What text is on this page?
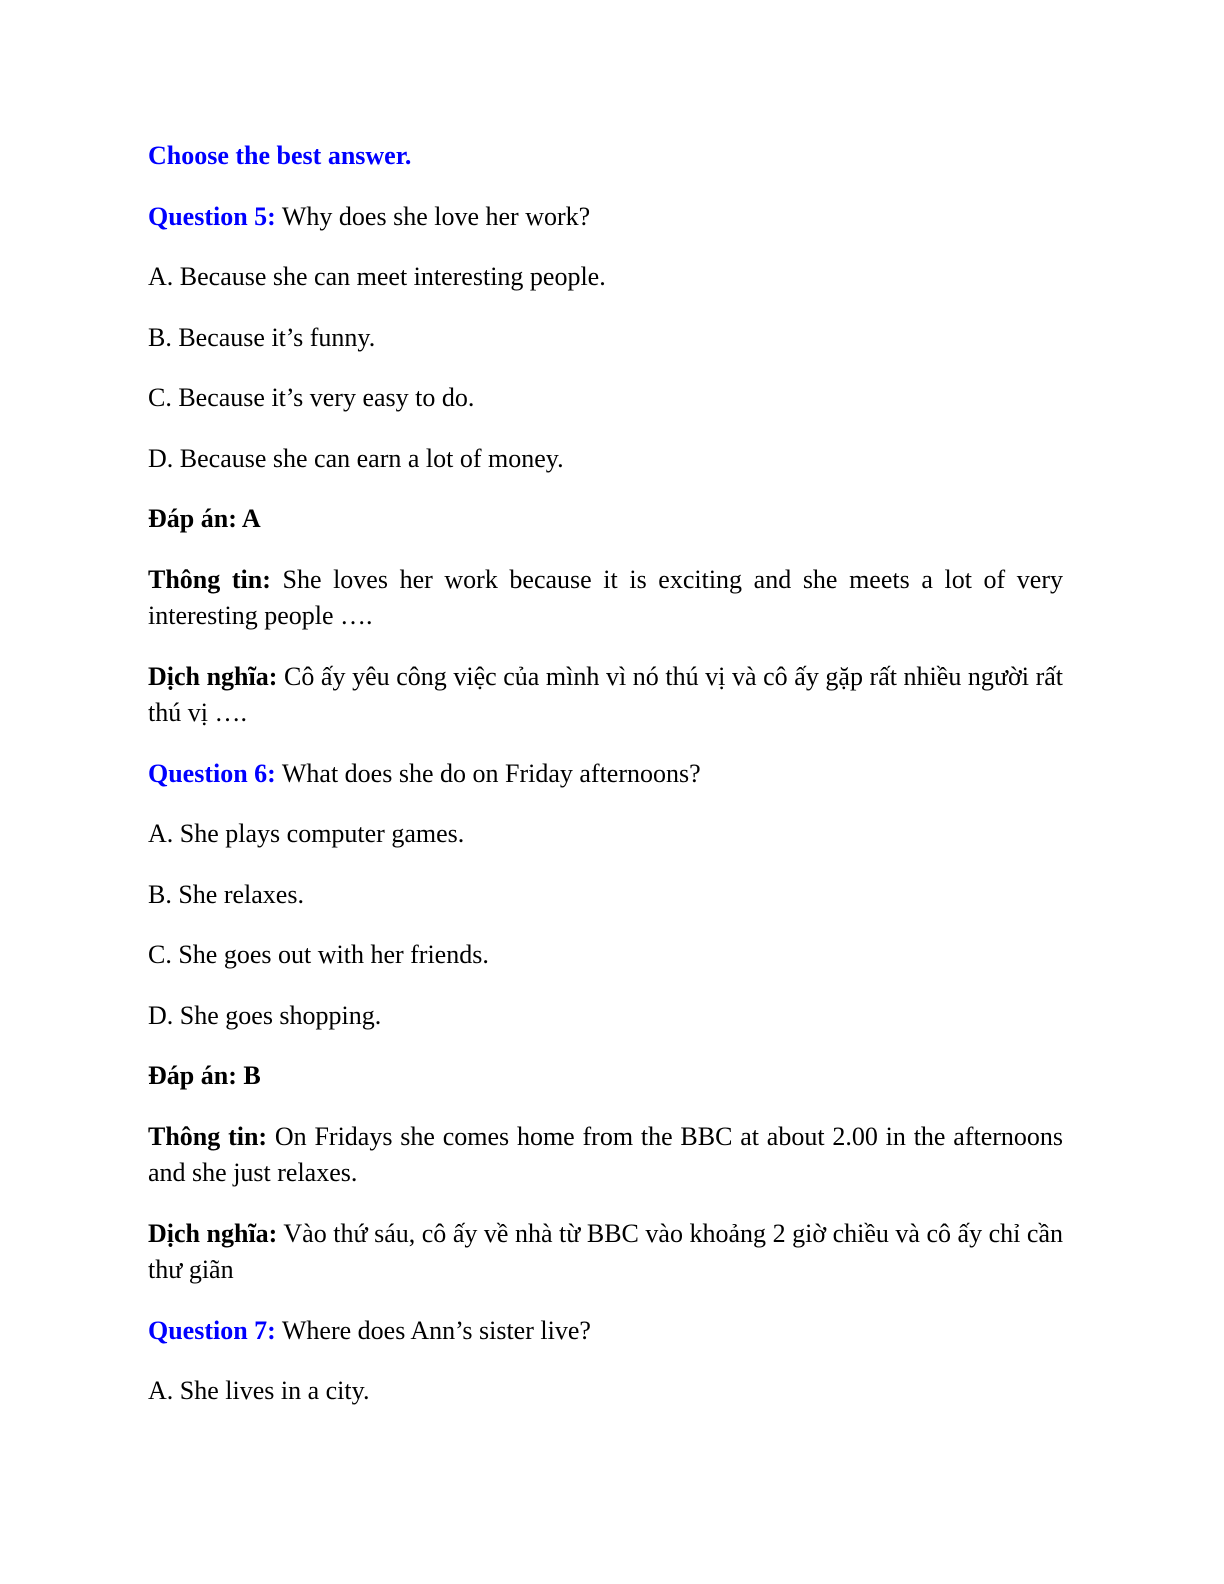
Choose the best answer.

Question 5: Why does she love her work?

A. Because she can meet interesting people.

B. Because it’s funny.

C. Because it’s very easy to do.

D. Because she can earn a lot of money.

Đáp án: A

Thông tin: She loves her work because it is exciting and she meets a lot of very interesting people ….

Dịch nghĩa: Cô ấy yêu công việc của mình vì nó thú vị và cô ấy gặp rất nhiều người rất thú vị ….

Question 6: What does she do on Friday afternoons?

A. She plays computer games.

B. She relaxes.

C. She goes out with her friends.

D. She goes shopping.

Đáp án: B

Thông tin: On Fridays she comes home from the BBC at about 2.00 in the afternoons and she just relaxes.

Dịch nghĩa: Vào thứ sáu, cô ấy về nhà từ BBC vào khoảng 2 giờ chiều và cô ấy chỉ cần thư giãn

Question 7: Where does Ann’s sister live?

A. She lives in a city.
